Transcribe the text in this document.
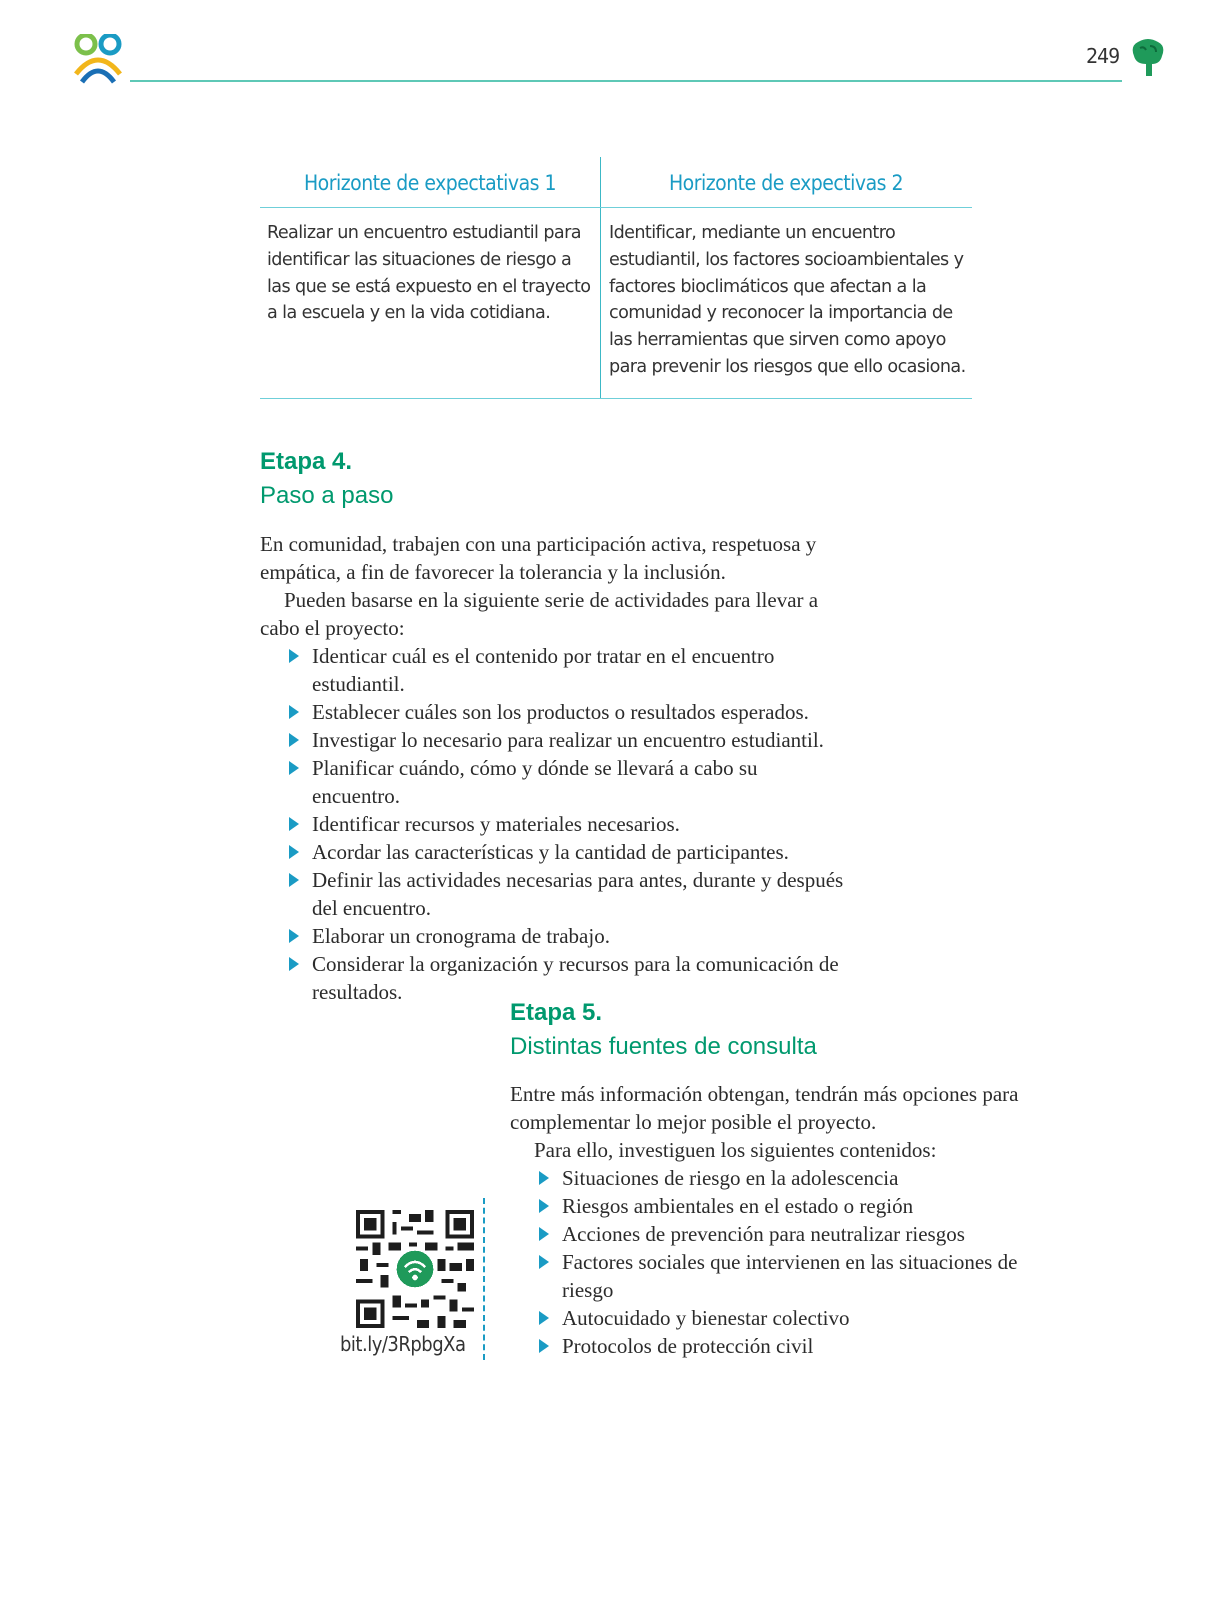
249
Horizonte de expectativas 1	Horizonte de expectivas 2
Realizar un encuentro estudiantil para identificar las situaciones de riesgo a las que se está expuesto en el trayecto a la escuela y en la vida cotidiana.
Identificar, mediante un encuentro estudiantil, los factores socioambientales y factores bioclimáticos que afectan a la comunidad y reconocer la importancia de las herramientas que sirven como apoyo para prevenir los riesgos que ello ocasiona.
Etapa 4.
Paso a paso

En comunidad, trabajen con una participación activa, respetuosa y empática, a fin de favorecer la tolerancia y la inclusión.

Pueden basarse en la siguiente serie de actividades para llevar a cabo el proyecto:

Identicar cuál es el contenido por tratar en el encuentro estudiantil.
Establecer cuáles son los productos o resultados esperados.
Investigar lo necesario para realizar un encuentro estudiantil.
Planificar cuándo, cómo y dónde se llevará a cabo su encuentro.
Identificar recursos y materiales necesarios.
Acordar las características y la cantidad de participantes.
Definir las actividades necesarias para antes, durante y después del encuentro.
Elaborar un cronograma de trabajo.
Considerar la organización y recursos para la comunicación de resultados.
Etapa 5.
Distintas fuentes de consulta

Entre más información obtengan, tendrán más opciones para complementar lo mejor posible el proyecto.

Para ello, investiguen los siguientes contenidos:

Situaciones de riesgo en la adolescencia
Riesgos ambientales en el estado o región
Acciones de prevención para neutralizar riesgos
Factores sociales que intervienen en las situaciones de riesgo
Autocuidado y bienestar colectivo
Protocolos de protección civil
bit.ly/3RpbgXa
